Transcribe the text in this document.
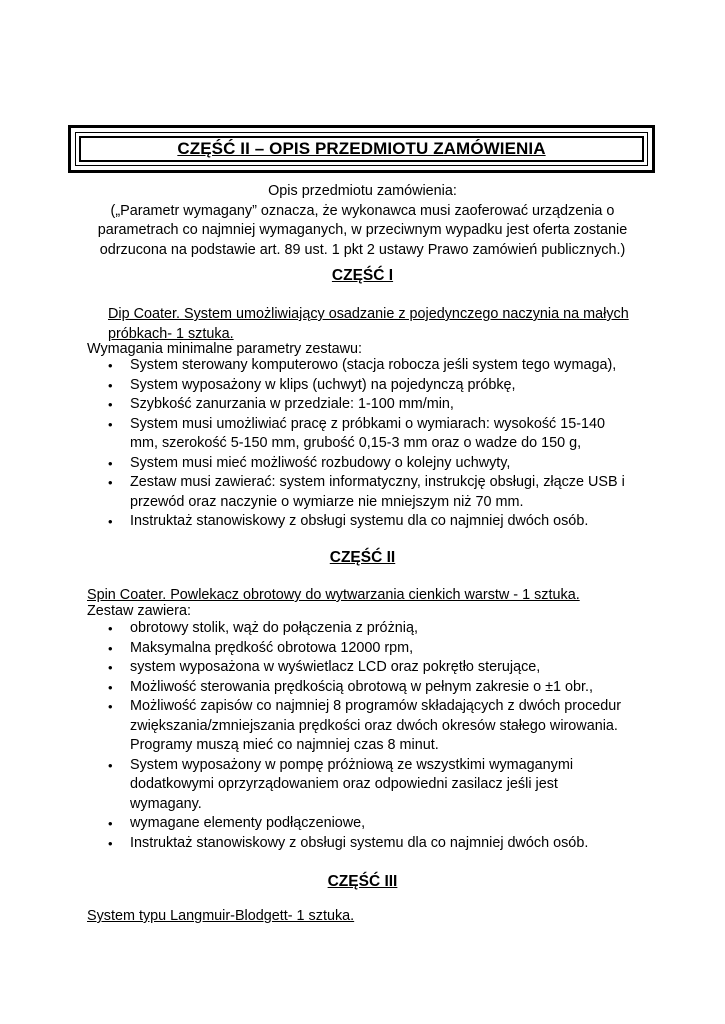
CZĘŚĆ II – OPIS PRZEDMIOTU ZAMÓWIENIA
Opis przedmiotu zamówienia:
(„Parametr wymagany” oznacza, że wykonawca musi zaoferować urządzenia o
parametrach co najmniej wymaganych, w przeciwnym wypadku jest oferta zostanie
odrzucona na podstawie art. 89 ust. 1 pkt 2 ustawy Prawo zamówień publicznych.)
CZĘŚĆ I
Dip Coater. System umożliwiający osadzanie z pojedynczego naczynia na małych
próbkach- 1 sztuka.
Wymagania minimalne parametry zestawu:
• System sterowany komputerowo (stacja robocza jeśli system tego wymaga),
• System wyposażony w klips (uchwyt) na pojedynczą próbkę,
• Szybkość zanurzania w przedziale: 1-100 mm/min,
• System musi umożliwiać pracę z próbkami o wymiarach: wysokość 15-140
mm, szerokość 5-150 mm, grubość 0,15-3 mm oraz o wadze do 150 g,
• System musi mieć możliwość rozbudowy o kolejny uchwyty,
• Zestaw musi zawierać: system informatyczny, instrukcję obsługi, złącze USB i
przewód oraz naczynie o wymiarze nie mniejszym niż 70 mm.
• Instruktaż stanowiskowy z obsługi systemu dla co najmniej dwóch osób.
CZĘŚĆ II
Spin Coater. Powlekacz obrotowy do wytwarzania cienkich warstw - 1 sztuka.
Zestaw zawiera:
• obrotowy stolik, wąż do połączenia z próżnią,
• Maksymalna prędkość obrotowa 12000 rpm,
• system wyposażona w wyświetlacz LCD oraz pokrętło sterujące,
• Możliwość sterowania prędkością obrotową w pełnym zakresie o ±1 obr.,
• Możliwość zapisów co najmniej 8 programów składających z dwóch procedur
zwiększania/zmniejszania prędkości oraz dwóch okresów stałego wirowania.
Programy muszą mieć co najmniej czas 8 minut.
• System wyposażony w pompę próżniową ze wszystkimi wymaganymi
dodatkowymi oprzyrządowaniem oraz odpowiedni zasilacz jeśli jest
wymagany.
• wymagane elementy podłączeniowe,
• Instruktaż stanowiskowy z obsługi systemu dla co najmniej dwóch osób.
CZĘŚĆ III
System typu Langmuir-Blodgett- 1 sztuka.
